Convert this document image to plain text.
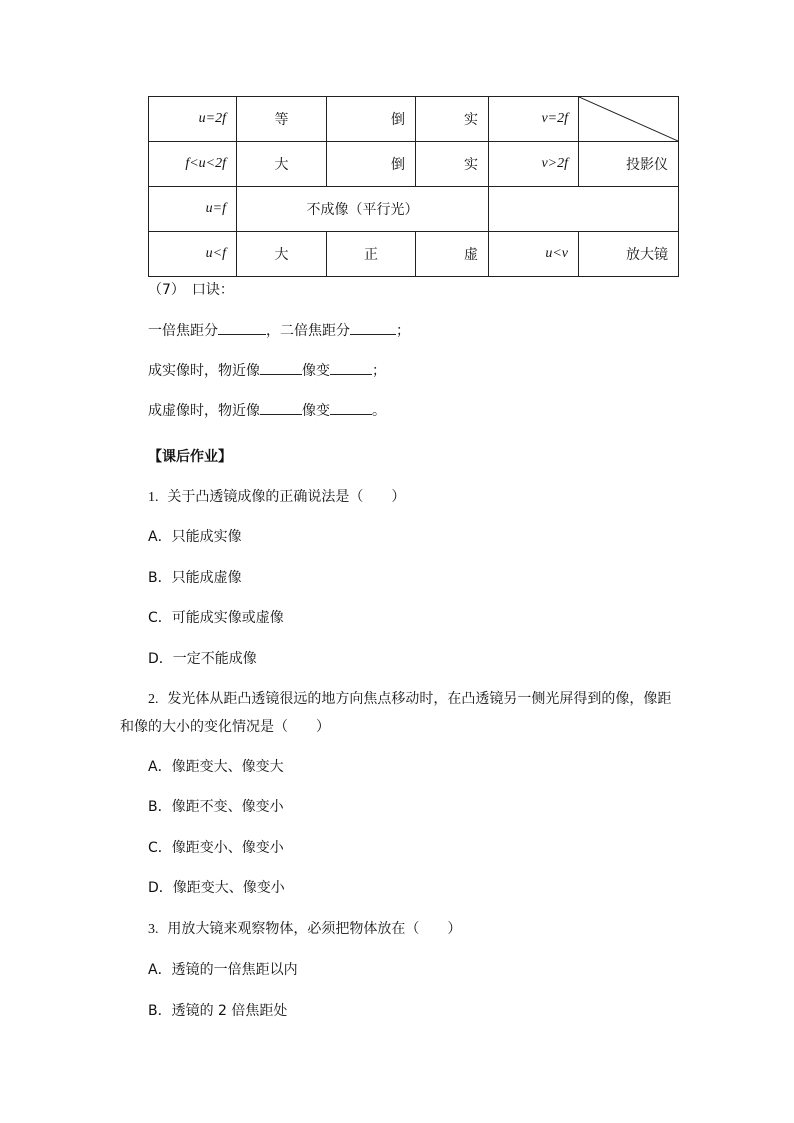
u=2f	等	倒	实	v=2f	

f<u<2f	大	倒	实	v>2f	投影仪
u=f	不成像（平行光）				
u<f	大	正	虚	u<v	放大镜
（7）　口诀：
一倍焦距分	，二倍焦距分	；
成实像时，物近像	像变	；
成虚像时，物近像	像变	。
【课后作业】
1. 关于凸透镜成像的正确说法是（　　）
A．只能成实像
B．只能成虚像
C．可能成实像或虚像
D．一定不能成像
2. 发光体从距凸透镜很远的地方向焦点移动时，在凸透镜另一侧光屏得到的像，像距
和像的大小的变化情况是（　　）
A．像距变大、像变大
B．像距不变、像变小
C．像距变小、像变小
D．像距变大、像变小
3. 用放大镜来观察物体，必须把物体放在（　　）
A．透镜的一倍焦距以内
B．透镜的 2 倍焦距处
